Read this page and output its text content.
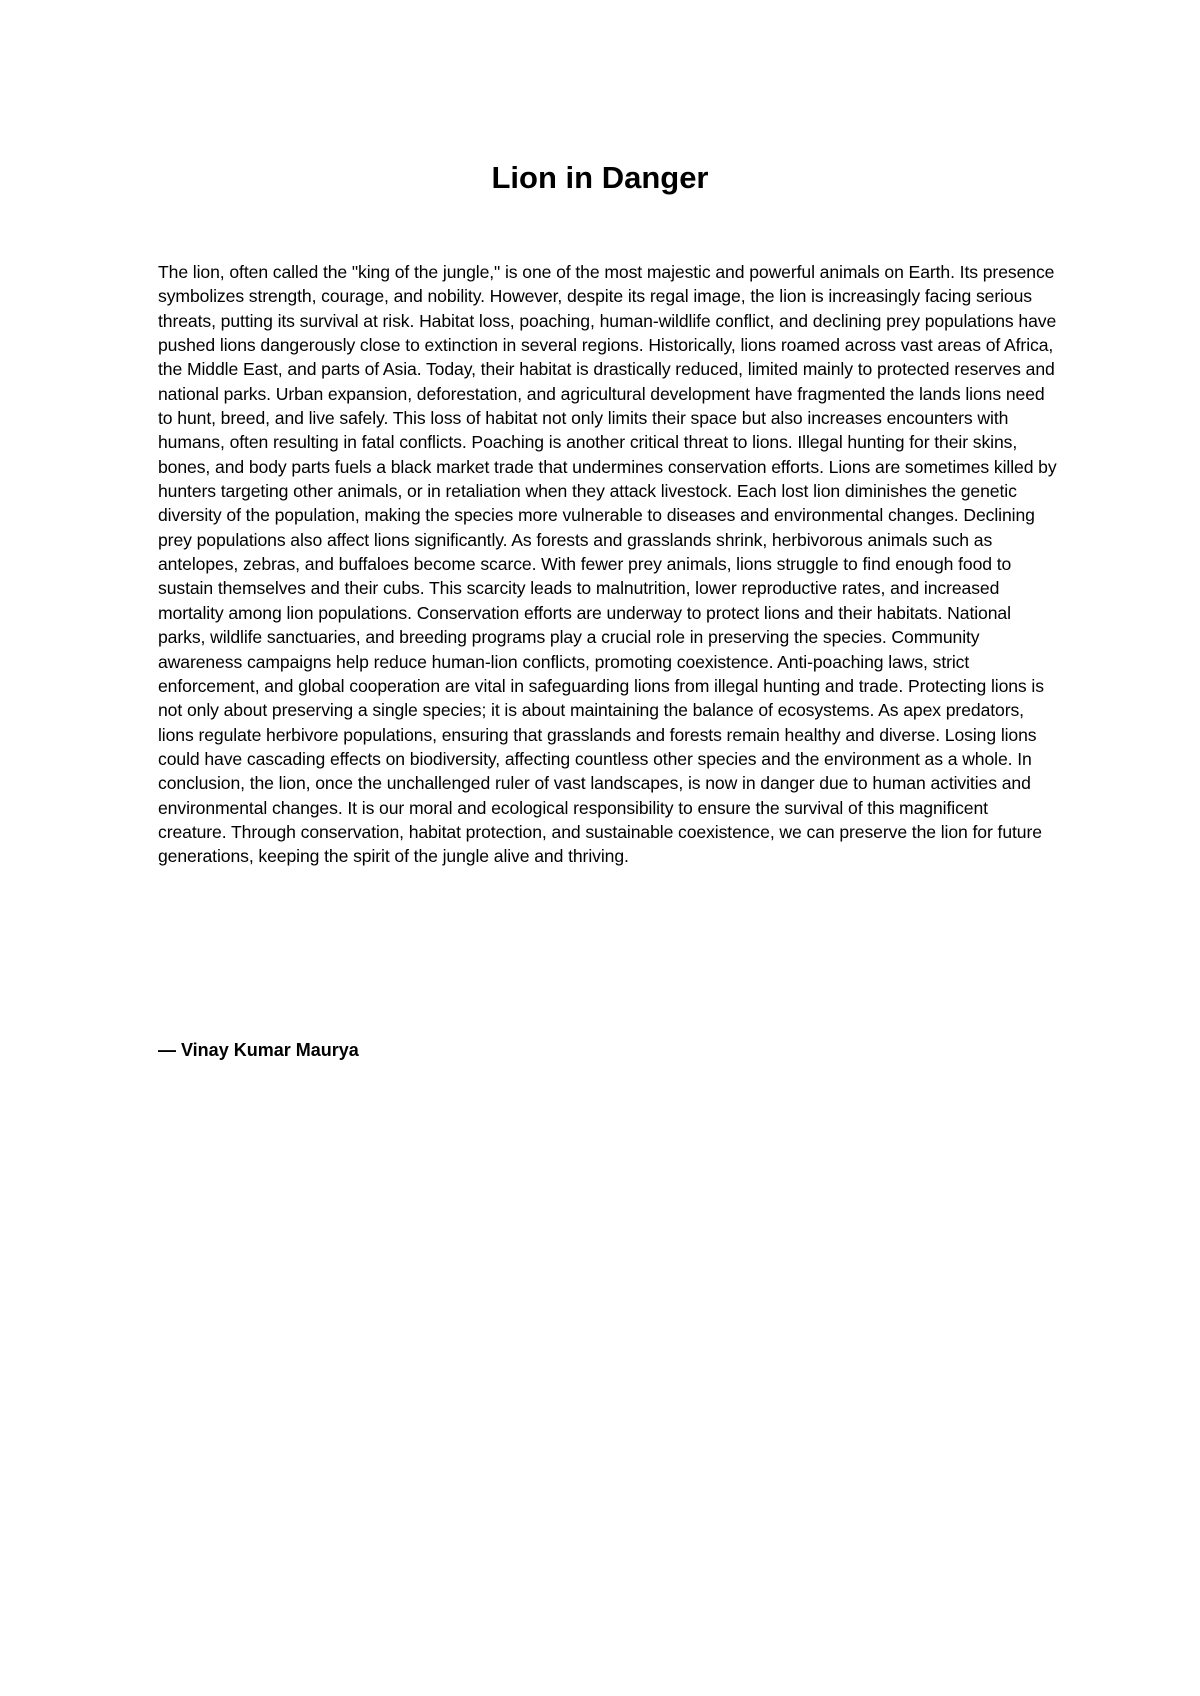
Lion in Danger

The lion, often called the "king of the jungle," is one of the most majestic and powerful animals on Earth. Its presence symbolizes strength, courage, and nobility. However, despite its regal image, the lion is increasingly facing serious threats, putting its survival at risk. Habitat loss, poaching, human-wildlife conflict, and declining prey populations have pushed lions dangerously close to extinction in several regions. Historically, lions roamed across vast areas of Africa, the Middle East, and parts of Asia. Today, their habitat is drastically reduced, limited mainly to protected reserves and national parks. Urban expansion, deforestation, and agricultural development have fragmented the lands lions need to hunt, breed, and live safely. This loss of habitat not only limits their space but also increases encounters with humans, often resulting in fatal conflicts. Poaching is another critical threat to lions. Illegal hunting for their skins, bones, and body parts fuels a black market trade that undermines conservation efforts. Lions are sometimes killed by hunters targeting other animals, or in retaliation when they attack livestock. Each lost lion diminishes the genetic diversity of the population, making the species more vulnerable to diseases and environmental changes. Declining prey populations also affect lions significantly. As forests and grasslands shrink, herbivorous animals such as antelopes, zebras, and buffaloes become scarce. With fewer prey animals, lions struggle to find enough food to sustain themselves and their cubs. This scarcity leads to malnutrition, lower reproductive rates, and increased mortality among lion populations. Conservation efforts are underway to protect lions and their habitats. National parks, wildlife sanctuaries, and breeding programs play a crucial role in preserving the species. Community awareness campaigns help reduce human-lion conflicts, promoting coexistence. Anti-poaching laws, strict enforcement, and global cooperation are vital in safeguarding lions from illegal hunting and trade. Protecting lions is not only about preserving a single species; it is about maintaining the balance of ecosystems. As apex predators, lions regulate herbivore populations, ensuring that grasslands and forests remain healthy and diverse. Losing lions could have cascading effects on biodiversity, affecting countless other species and the environment as a whole. In conclusion, the lion, once the unchallenged ruler of vast landscapes, is now in danger due to human activities and environmental changes. It is our moral and ecological responsibility to ensure the survival of this magnificent creature. Through conservation, habitat protection, and sustainable coexistence, we can preserve the lion for future generations, keeping the spirit of the jungle alive and thriving.

— Vinay Kumar Maurya
